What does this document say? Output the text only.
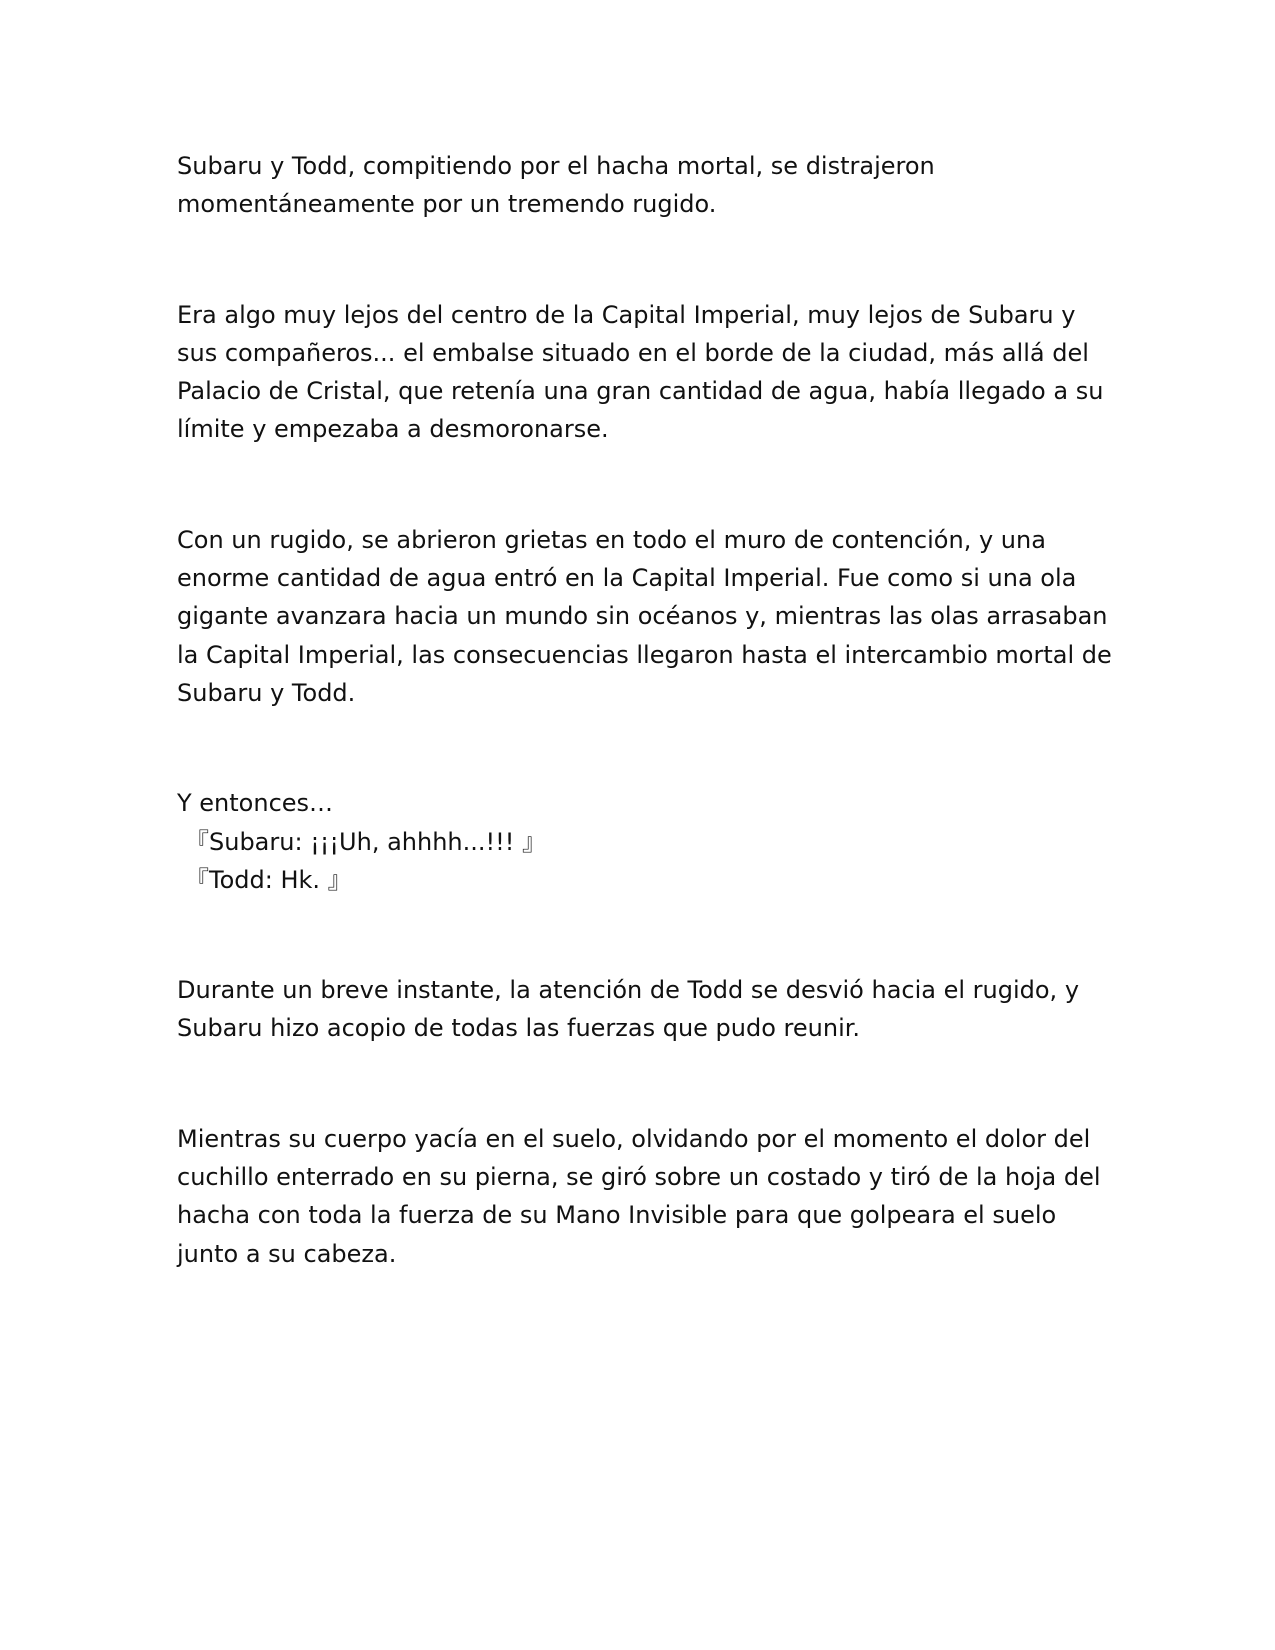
Subaru y Todd, compitiendo por el hacha mortal, se distrajeron momentáneamente por un tremendo rugido.

Era algo muy lejos del centro de la Capital Imperial, muy lejos de Subaru y sus compañeros... el embalse situado en el borde de la ciudad, más allá del Palacio de Cristal, que retenía una gran cantidad de agua, había llegado a su límite y empezaba a desmoronarse.

Con un rugido, se abrieron grietas en todo el muro de contención, y una enorme cantidad de agua entró en la Capital Imperial. Fue como si una ola gigante avanzara hacia un mundo sin océanos y, mientras las olas arrasaban la Capital Imperial, las consecuencias llegaron hasta el intercambio mortal de Subaru y Todd.

Y entonces…

『Subaru: ¡¡¡Uh, ahhhh...!!! 』

『Todd: Hk. 』

Durante un breve instante, la atención de Todd se desvió hacia el rugido, y Subaru hizo acopio de todas las fuerzas que pudo reunir.

Mientras su cuerpo yacía en el suelo, olvidando por el momento el dolor del cuchillo enterrado en su pierna, se giró sobre un costado y tiró de la hoja del hacha con toda la fuerza de su Mano Invisible para que golpeara el suelo junto a su cabeza.
